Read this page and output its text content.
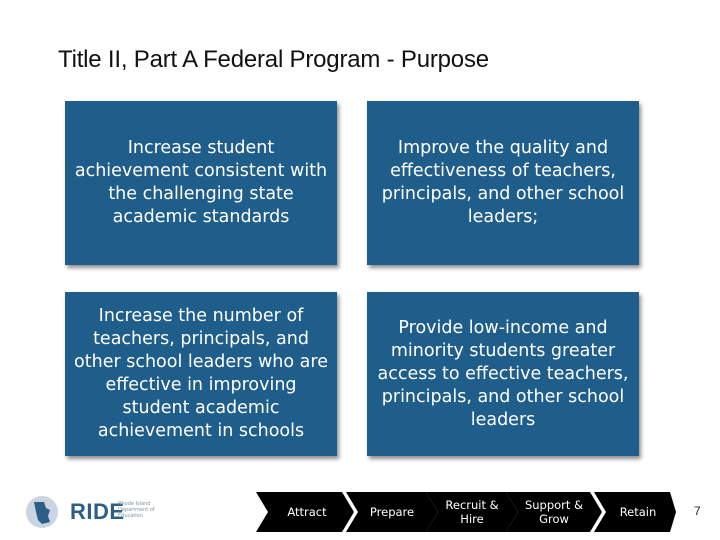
Title II, Part A Federal Program - Purpose
Increase student achievement consistent with the challenging state academic standards
Improve the quality and effectiveness of teachers, principals, and other school leaders;
Increase the number of teachers, principals, and other school leaders who are effective in improving student academic achievement in schools
Provide low-income and minority students greater access to effective teachers, principals, and other school leaders
RIDE
Rhode Island Department of Education	Attract	Prepare	Recruit & Hire
Support & Grow	Retain	7
